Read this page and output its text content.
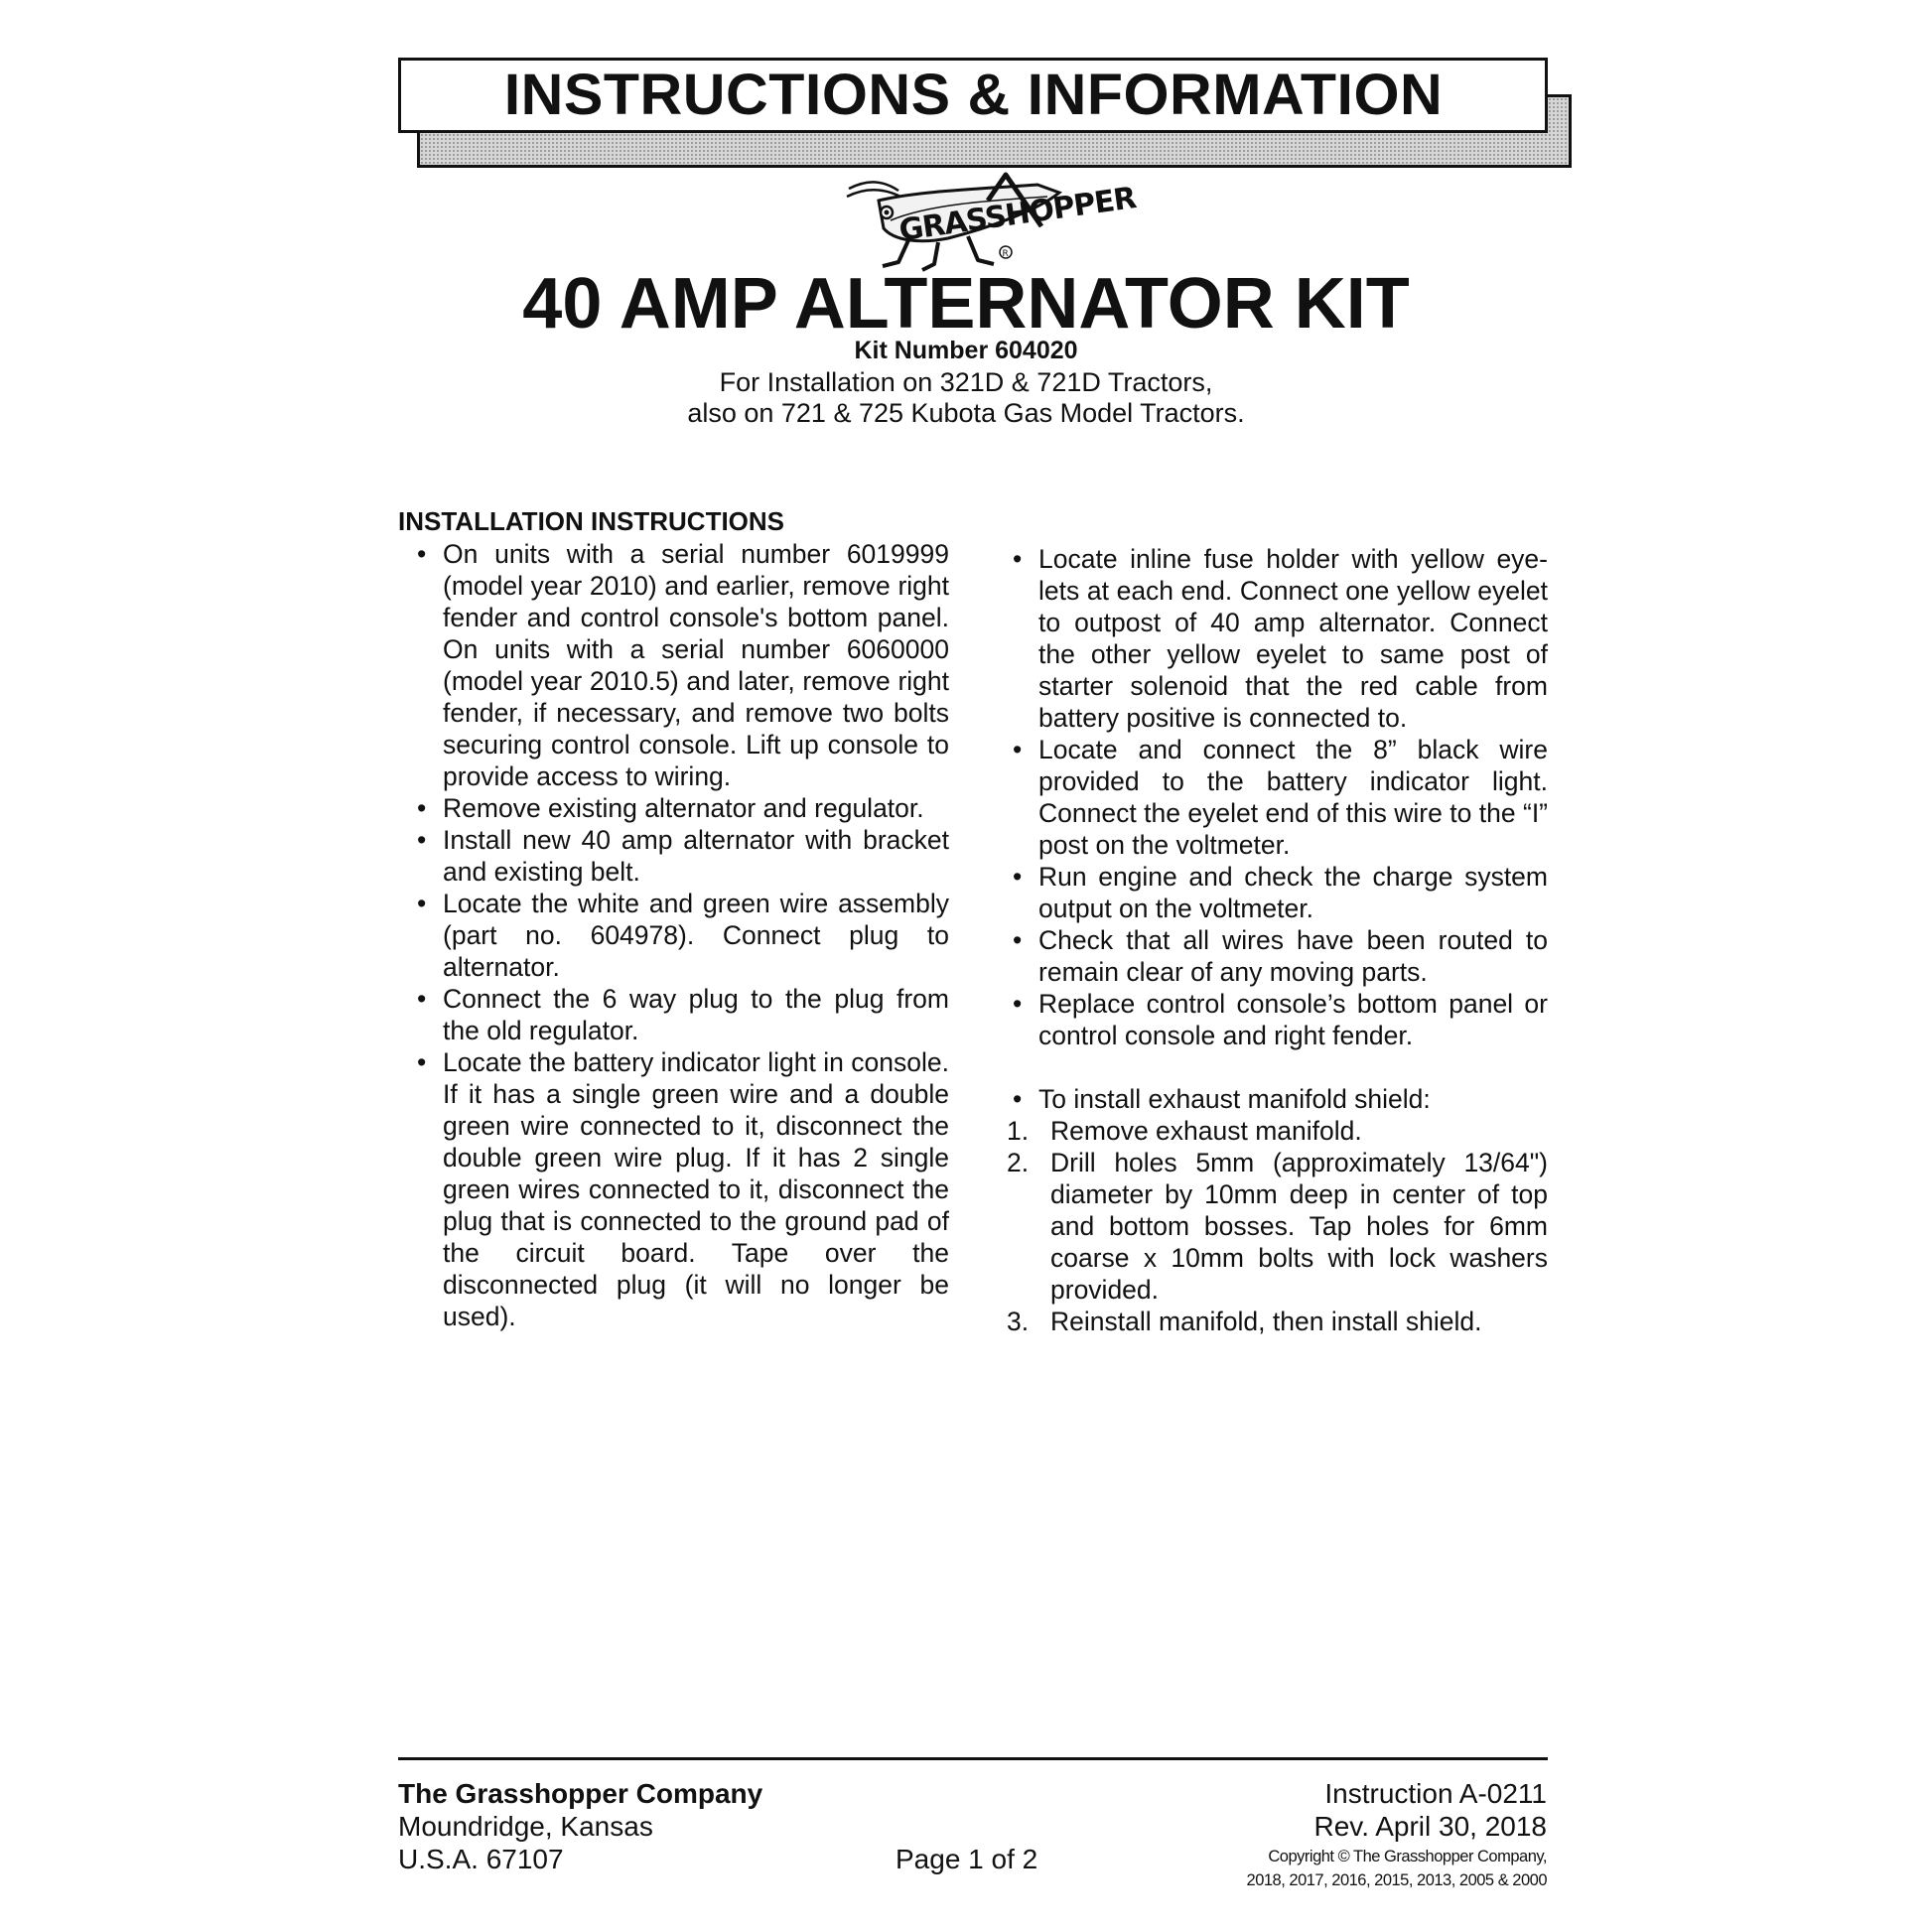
INSTRUCTIONS & INFORMATION
GRASSHOPPER
R
40 AMP ALTERNATOR KIT
Kit Number 604020
For Installation on 321D & 721D Tractors,
also on 721 & 725 Kubota Gas Model Tractors.
INSTALLATION INSTRUCTIONS
• On units with a serial number 6019999 (model year 2010) and earlier, remove right fender and control console's bottom panel. On units with a serial number 6060000 (model year 2010.5) and later, remove right fender, if necessary, and remove two bolts securing control console. Lift up console to provide access to wiring.
• Remove existing alternator and regulator.
• Install new 40 amp alternator with bracket and existing belt.
• Locate the white and green wire assembly (part no. 604978). Connect plug to alternator.
• Connect the 6 way plug to the plug from the old regulator.
• Locate the battery indicator light in console. If it has a single green wire and a double green wire connected to it, disconnect the double green wire plug. If it has 2 single green wires connected to it, disconnect the plug that is connected to the ground pad of the circuit board. Tape over the disconnected plug (it will no longer be used).
• Locate inline fuse holder with yellow eyelets at each end. Connect one yellow eyelet to outpost of 40 amp alternator. Connect the other yellow eyelet to same post of starter solenoid that the red cable from battery positive is connected to.
• Locate and connect the 8” black wire provided to the battery indicator light. Connect the eyelet end of this wire to the “I” post on the voltmeter.
• Run engine and check the charge system output on the voltmeter.
• Check that all wires have been routed to remain clear of any moving parts.
• Replace control console’s bottom panel or control console and right fender.
• To install exhaust manifold shield:
1. Remove exhaust manifold.
2. Drill holes 5mm (approximately 13/64") diameter by 10mm deep in center of top and bottom bosses. Tap holes for 6mm coarse x 10mm bolts with lock washers provided.
3. Reinstall manifold, then install shield.
The Grasshopper Company
Moundridge, Kansas
U.S.A. 67107	Page 1 of 2
Instruction A-0211
Rev. April 30, 2018
Copyright © The Grasshopper Company,
2018, 2017, 2016, 2015, 2013, 2005 & 2000
